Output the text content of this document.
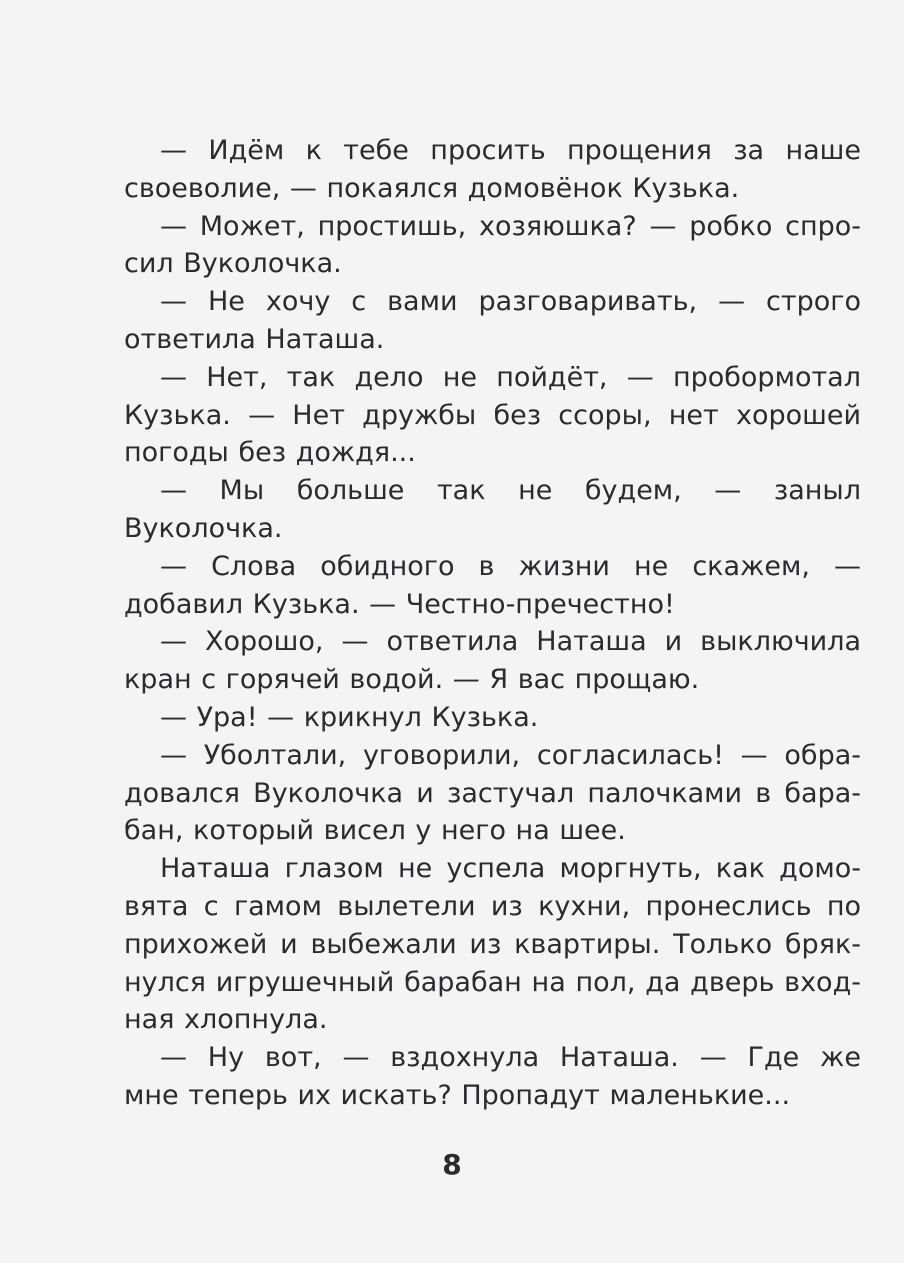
— Идём к тебе просить прощения за наше
своеволие, — покаялся домовёнок Кузька.
— Может, простишь, хозяюшка? — робко спро-
сил Вуколочка.
— Не хочу с вами разговаривать, — строго
ответила Наташа.
— Нет, так дело не пойдёт, — пробормотал
Кузька. — Нет дружбы без ссоры, нет хорошей
погоды без дождя...
— Мы больше так не будем, — заныл
Вуколочка.
— Слова обидного в жизни не скажем, —
добавил Кузька. — Честно-пречестно!
— Хорошо, — ответила Наташа и выключила
кран с горячей водой. — Я вас прощаю.
— Ура! — крикнул Кузька.
— Уболтали, уговорили, согласилась! — обра-
довался Вуколочка и застучал палочками в бара-
бан, который висел у него на шее.
Наташа глазом не успела моргнуть, как домо-
вята с гамом вылетели из кухни, пронеслись по
прихожей и выбежали из квартиры. Только бряк-
нулся игрушечный барабан на пол, да дверь вход-
ная хлопнула.
— Ну вот, — вздохнула Наташа. — Где же
мне теперь их искать? Пропадут маленькие...
8
